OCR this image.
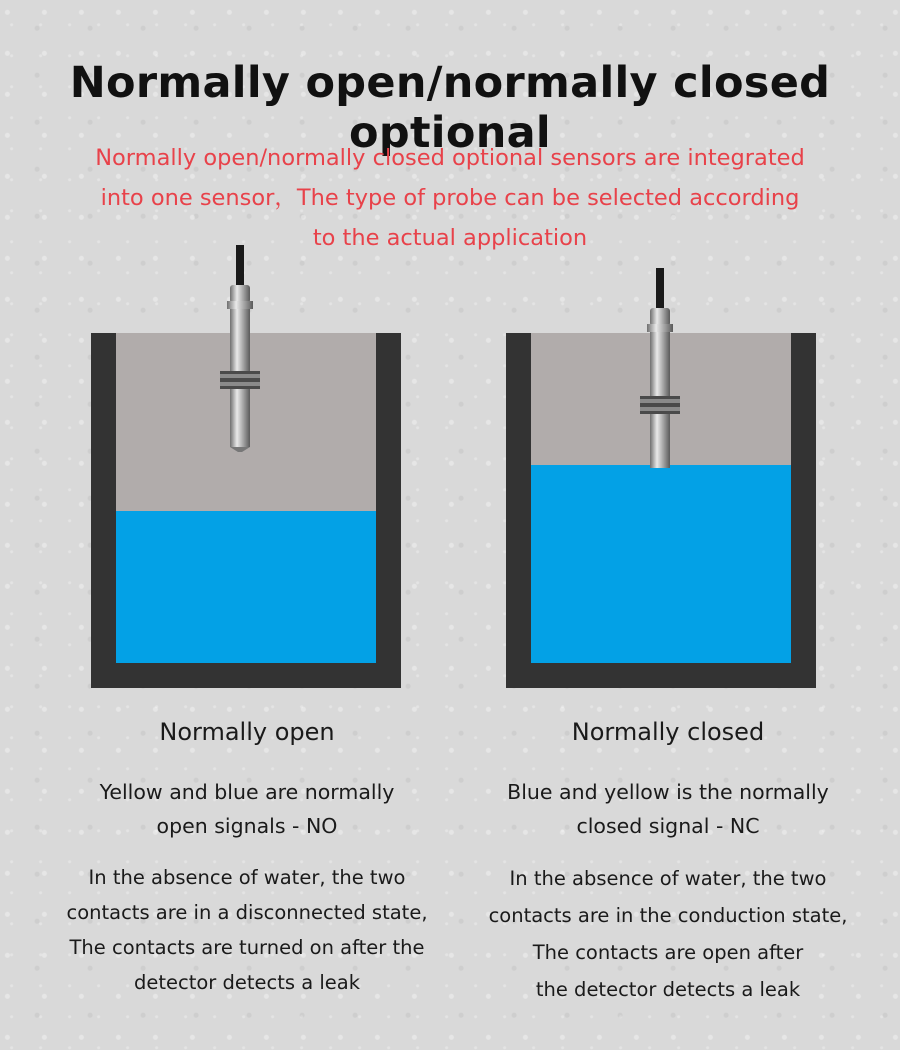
Normally open/normally closed optional
Normally open/normally closed optional sensors are integrated
into one sensor，The type of probe can be selected according
to the actual application
Normally open	Normally closed
Yellow and blue are normally
open signals - NO
Blue and yellow is the normally
closed signal - NC
In the absence of water, the two
contacts are in a disconnected state,
The contacts are turned on after the
detector detects a leak
In the absence of water, the two
contacts are in the conduction state,
The contacts are open after
the detector detects a leak
